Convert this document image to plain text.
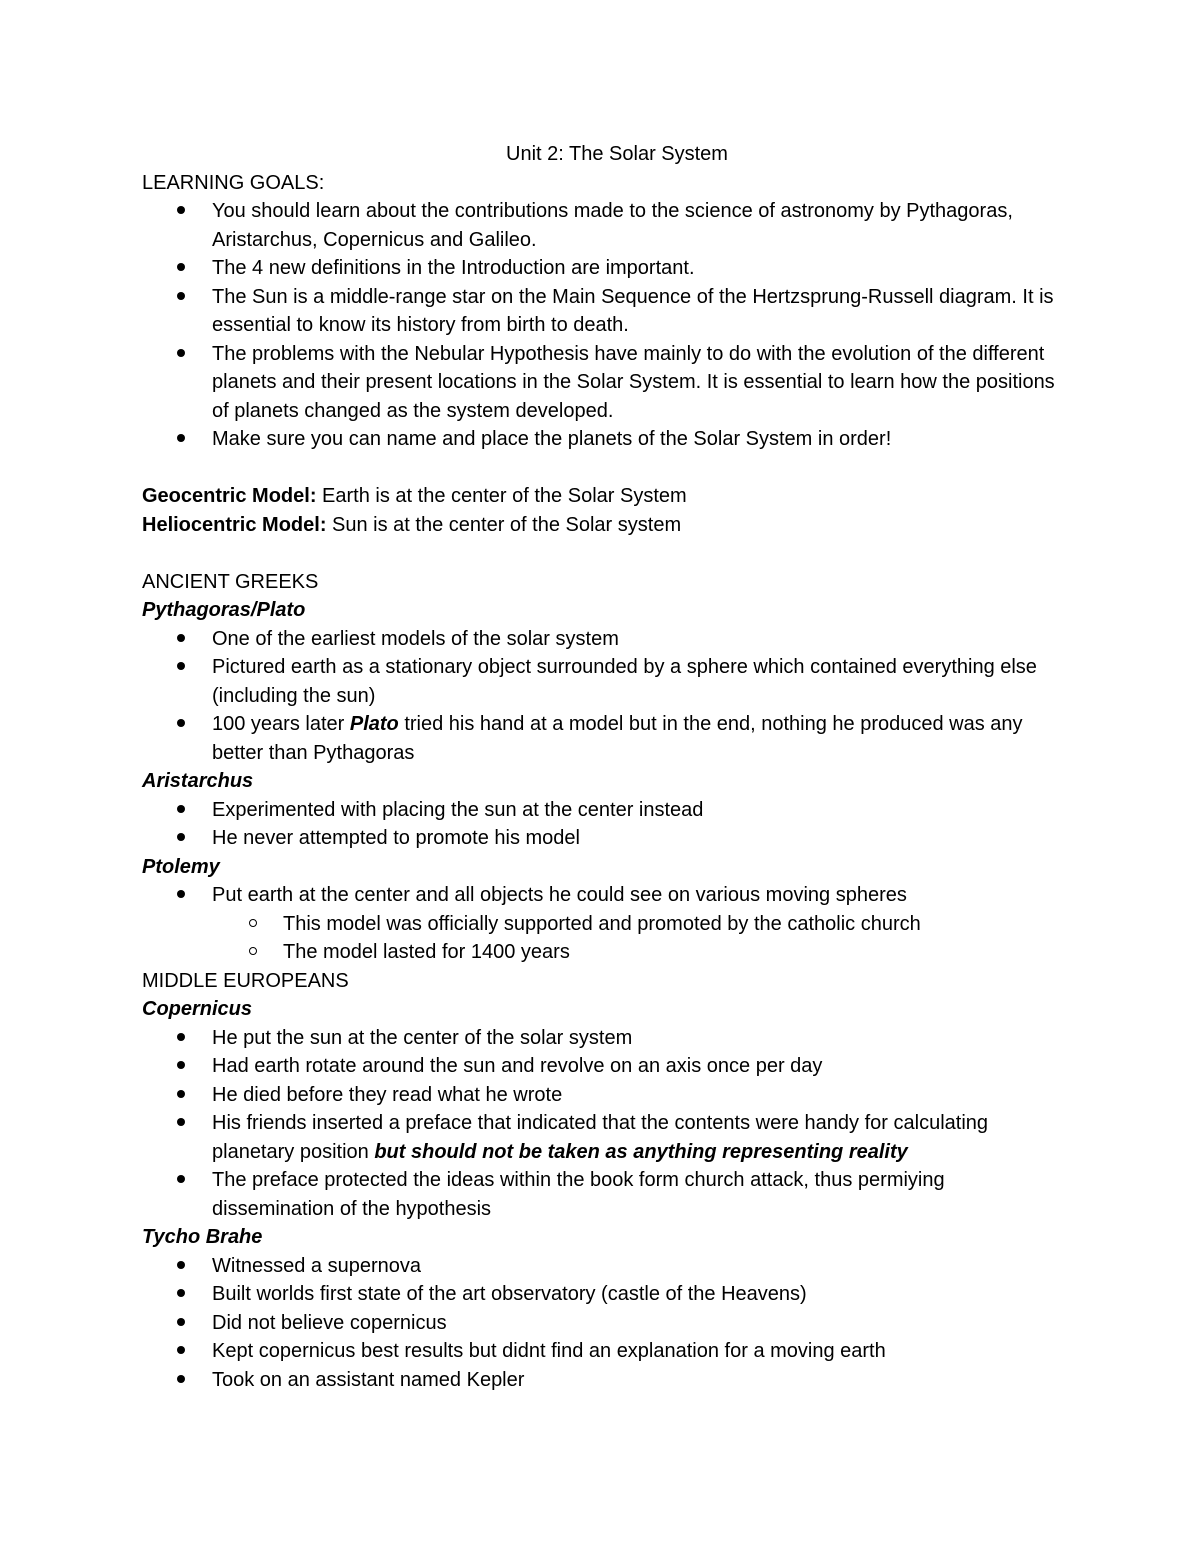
Unit 2: The Solar System

LEARNING GOALS:

You should learn about the contributions made to the science of astronomy by Pythagoras, Aristarchus, Copernicus and Galileo.
The 4 new definitions in the Introduction are important.
The Sun is a middle-range star on the Main Sequence of the Hertzsprung-Russell diagram. It is essential to know its history from birth to death.
The problems with the Nebular Hypothesis have mainly to do with the evolution of the different planets and their present locations in the Solar System. It is essential to learn how the positions of planets changed as the system developed.
Make sure you can name and place the planets of the Solar System in order!

Geocentric Model: Earth is at the center of the Solar System

Heliocentric Model: Sun is at the center of the Solar system

ANCIENT GREEKS

Pythagoras/Plato

One of the earliest models of the solar system
Pictured earth as a stationary object surrounded by a sphere which contained everything else (including the sun)
100 years later Plato tried his hand at a model but in the end, nothing he produced was any better than Pythagoras

Aristarchus

Experimented with placing the sun at the center instead
He never attempted to promote his model

Ptolemy

Put earth at the center and all objects he could see on various moving spheres
This model was officially supported and promoted by the catholic church
The model lasted for 1400 years

MIDDLE EUROPEANS

Copernicus

He put the sun at the center of the solar system
Had earth rotate around the sun and revolve on an axis once per day
He died before they read what he wrote
His friends inserted a preface that indicated that the contents were handy for calculating planetary position but should not be taken as anything representing reality
The preface protected the ideas within the book form church attack, thus permiying dissemination of the hypothesis

Tycho Brahe

Witnessed a supernova
Built worlds first state of the art observatory (castle of the Heavens)
Did not believe copernicus
Kept copernicus best results but didnt find an explanation for a moving earth
Took on an assistant named Kepler
